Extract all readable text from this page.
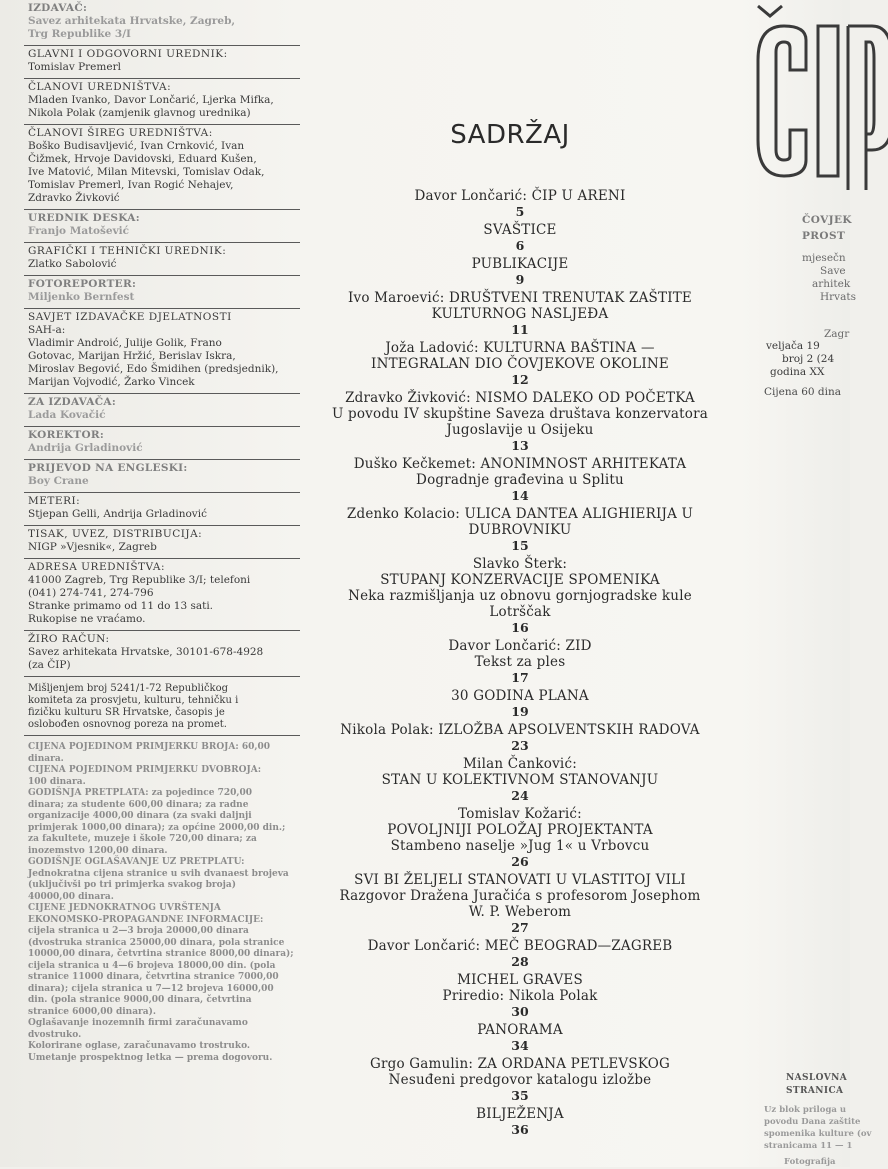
IZDAVAČ:
Savez arhitekata Hrvatske, Zagreb,
Trg Republike 3/I
GLAVNI I ODGOVORNI UREDNIK:
Tomislav Premerl
ČLANOVI UREDNIŠTVA:
Mladen Ivanko, Davor Lončarić, Ljerka Mifka,
Nikola Polak (zamjenik glavnog urednika)
ČLANOVI ŠIREG UREDNIŠTVA:
Boško Budisavljević, Ivan Crnković, Ivan
Čižmek, Hrvoje Davidovski, Eduard Kušen,
Ive Matović, Milan Mitevski, Tomislav Odak,
Tomislav Premerl, Ivan Rogić Nehajev,
Zdravko Živković
UREDNIK DESKA:
Franjo Matošević
GRAFIČKI I TEHNIČKI UREDNIK:
Zlatko Sabolović
FOTOREPORTER:
Miljenko Bernfest
SAVJET IZDAVAČKE DJELATNOSTI
SAH-a:
Vladimir Androić, Julije Golik, Frano
Gotovac, Marijan Hržić, Berislav Iskra,
Miroslav Begović, Edo Šmidihen (predsjednik),
Marijan Vojvodić, Žarko Vincek
ZA IZDAVAČA:
Lada Kovačić
KOREKTOR:
Andrija Grladinović
PRIJEVOD NA ENGLESKI:
Boy Crane
METERI:
Stjepan Gelli, Andrija Grladinović
TISAK, UVEZ, DISTRIBUCIJA:
NIGP »Vjesnik«, Zagreb
ADRESA UREDNIŠTVA:
41000 Zagreb, Trg Republike 3/I; telefoni
(041) 274-741, 274-796
Stranke primamo od 11 do 13 sati.
Rukopise ne vraćamo.
ŽIRO RAČUN:
Savez arhitekata Hrvatske, 30101-678-4928
(za ČIP)
Mišljenjem broj 5241/1-72 Republičkog
komiteta za prosvjetu, kulturu, tehničku i
fizičku kulturu SR Hrvatske, časopis je
oslobođen osnovnog poreza na promet.
CIJENA POJEDINOM PRIMJERKU BROJA: 60,00
dinara.
CIJENA POJEDINOM PRIMJERKU DVOBROJA:
100 dinara.
GODIŠNJA PRETPLATA: za pojedince 720,00
dinara; za studente 600,00 dinara; za radne
organizacije 4000,00 dinara (za svaki daljnji
primjerak 1000,00 dinara); za općine 2000,00 din.;
za fakultete, muzeje i škole 720,00 dinara; za
inozemstvo 1200,00 dinara.
GODIŠNJE OGLAŠAVANJE UZ PRETPLATU:
Jednokratna cijena stranice u svih dvanaest brojeva
(uključivši po tri primjerka svakog broja)
40000,00 dinara.
CIJENE JEDNOKRATNOG UVRŠTENJA
EKONOMSKO-PROPAGANDNE INFORMACIJE:
cijela stranica u 2—3 broja 20000,00 dinara
(dvostruka stranica 25000,00 dinara, pola stranice
10000,00 dinara, četvrtina stranice 8000,00 dinara);
cijela stranica u 4—6 brojeva 18000,00 din. (pola
stranice 11000 dinara, četvrtina stranice 7000,00
dinara); cijela stranica u 7—12 brojeva 16000,00
din. (pola stranice 9000,00 dinara, četvrtina
stranice 6000,00 dinara).
Oglašavanje inozemnih firmi zaračunavamo
dvostruko.
Kolorirane oglase, zaračunavamo trostruko.
Umetanje prospektnog letka — prema dogovoru.
SADRŽAJ
Davor Lončarić: ČIP U ARENI
5
SVAŠTICE
6
PUBLIKACIJE
9
Ivo Maroević: DRUŠTVENI TRENUTAK ZAŠTITE
KULTURNOG NASLJEĐA
11
Joža Ladović: KULTURNA BAŠTINA —
INTEGRALAN DIO ČOVJEKOVE OKOLINE
12
Zdravko Živković: NISMO DALEKO OD POČETKA
U povodu IV skupštine Saveza društava konzervatora
Jugoslavije u Osijeku
13
Duško Kečkemet: ANONIMNOST ARHITEKATA
Dogradnje građevina u Splitu
14
Zdenko Kolacio: ULICA DANTEA ALIGHIERIJA U
DUBROVNIKU
15
Slavko Šterk:
STUPANJ KONZERVACIJE SPOMENIKA
Neka razmišljanja uz obnovu gornjogradske kule
Lotrščak
16
Davor Lončarić: ZID
Tekst za ples
17
30 GODINA PLANA
19
Nikola Polak: IZLOŽBA APSOLVENTSKIH RADOVA
23
Milan Čanković:
STAN U KOLEKTIVNOM STANOVANJU
24
Tomislav Kožarić:
POVOLJNIJI POLOŽAJ PROJEKTANTA
Stambeno naselje »Jug 1« u Vrbovcu
26
SVI BI ŽELJELI STANOVATI U VLASTITOJ VILI
Razgovor Dražena Juračića s profesorom Josephom
W. P. Weberom
27
Davor Lončarić: MEČ BEOGRAD—ZAGREB
28
MICHEL GRAVES
Priredio: Nikola Polak
30
PANORAMA
34
Grgo Gamulin: ZA ORDANA PETLEVSKOG
Nesuđeni predgovor katalogu izložbe
35
BILJEŽENJA
36
ČOVJEK
PROST
mjesečn
Save
arhitek
Hrvats
Zagr
veljača 19
broj 2 (24
godina XX
Cijena 60 dina
NASLOVNA
STRANICA
Uz blok priloga u
povodu Dana zaštite
spomenika kulture (ov
stranicama 11 — 1
Fotografija
